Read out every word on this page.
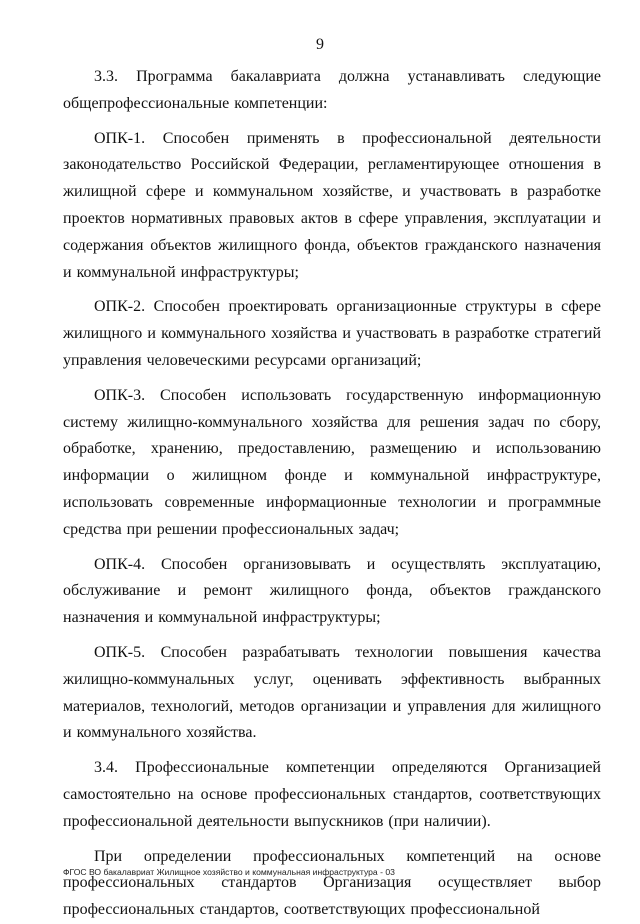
9

3.3. Программа бакалавриата должна устанавливать следующие общепрофессиональные компетенции:

ОПК-1. Способен применять в профессиональной деятельности законодательство Российской Федерации, регламентирующее отношения в жилищной сфере и коммунальном хозяйстве, и участвовать в разработке проектов нормативных правовых актов в сфере управления, эксплуатации и содержания объектов жилищного фонда, объектов гражданского назначения и коммунальной инфраструктуры;

ОПК-2. Способен проектировать организационные структуры в сфере жилищного и коммунального хозяйства и участвовать в разработке стратегий управления человеческими ресурсами организаций;

ОПК-3. Способен использовать государственную информационную систему жилищно-коммунального хозяйства для решения задач по сбору, обработке, хранению, предоставлению, размещению и использованию информации о жилищном фонде и коммунальной инфраструктуре, использовать современные информационные технологии и программные средства при решении профессиональных задач;

ОПК-4. Способен организовывать и осуществлять эксплуатацию, обслуживание и ремонт жилищного фонда, объектов гражданского назначения и коммунальной инфраструктуры;

ОПК-5. Способен разрабатывать технологии повышения качества жилищно-коммунальных услуг, оценивать эффективность выбранных материалов, технологий, методов организации и управления для жилищного и коммунального хозяйства.

3.4. Профессиональные компетенции определяются Организацией самостоятельно на основе профессиональных стандартов, соответствующих профессиональной деятельности выпускников (при наличии).

При определении профессиональных компетенций на основе профессиональных стандартов Организация осуществляет выбор профессиональных стандартов, соответствующих профессиональной

ФГОС ВО бакалавриат Жилищное хозяйство и коммунальная инфраструктура - 03
